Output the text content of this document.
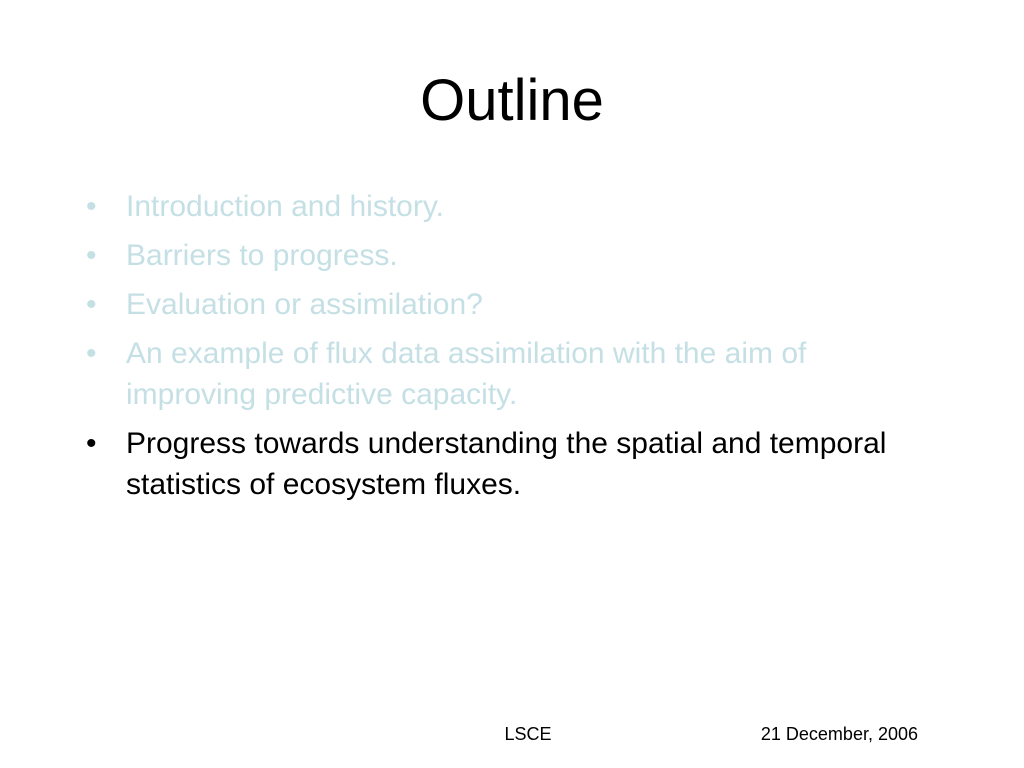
Outline
• Introduction and history.
• Barriers to progress.
• Evaluation or assimilation?
• An example of flux data assimilation with the aim of improving predictive capacity.
• Progress towards understanding the spatial and temporal statistics of ecosystem fluxes.
LSCE	21 December, 2006
